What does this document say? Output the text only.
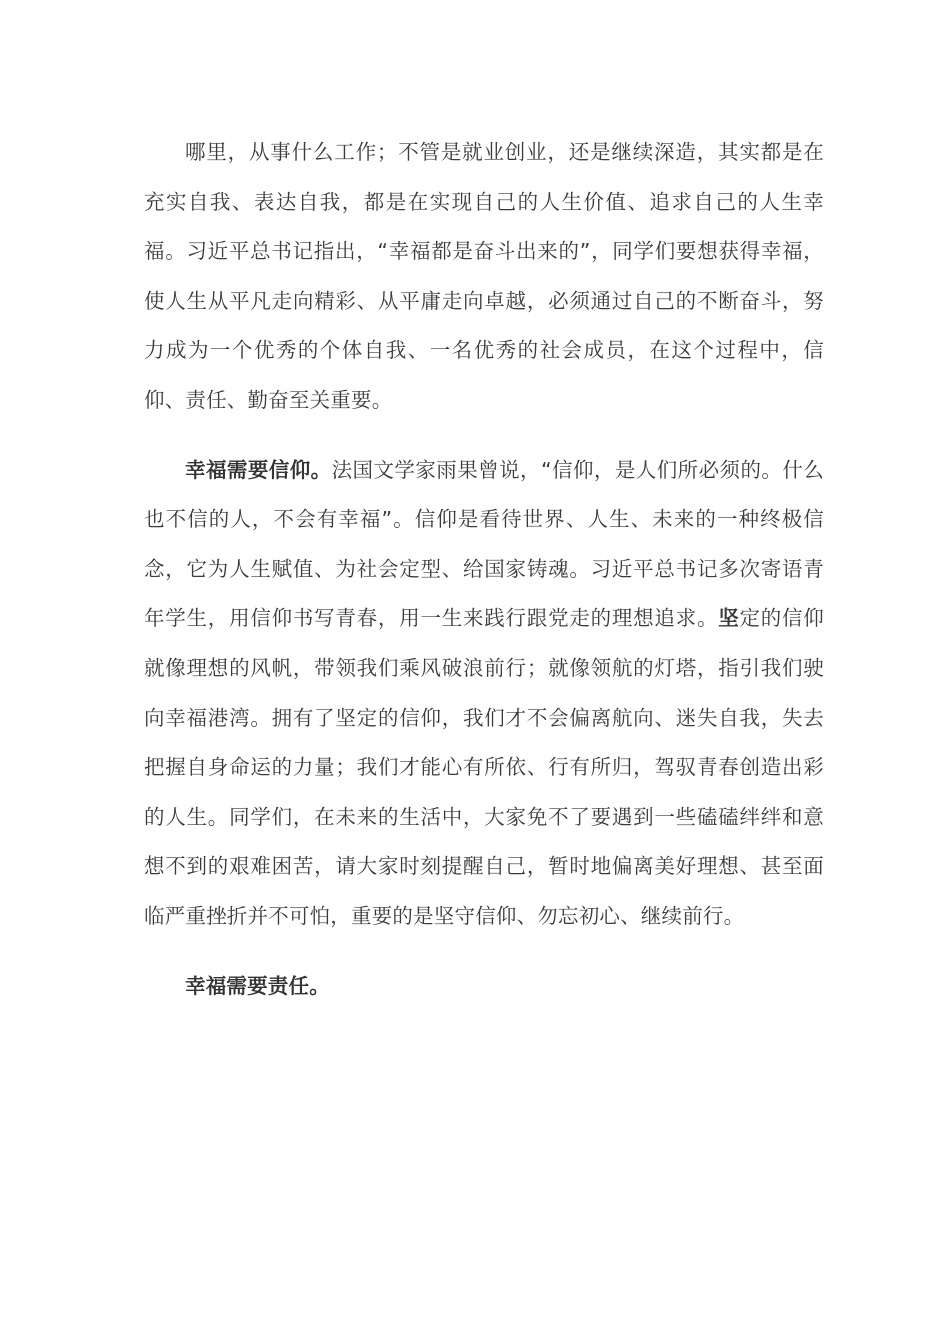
哪里，从事什么工作；不管是就业创业，还是继续深造，其实都是在充实自我、表达自我，都是在实现自己的人生价值、追求自己的人生幸福。习近平总书记指出，“幸福都是奋斗出来的”，同学们要想获得幸福， 使人生从平凡走向精彩、从平庸走向卓越，必须通过自己的不断奋斗，努力成为一个优秀的个体自我、一名优秀的社会成员，在这个过程中，信仰、责任、勤奋至关重要。

幸福需要信仰。法国文学家雨果曾说，“信仰，是人们所必须的。什么也不信的人，不会有幸福”。信仰是看待世界、人生、未来的一种终极信念，它为人生赋值、为社会定型、给国家铸魂。习近平总书记多次寄语青年学生，用信仰书写青春，用一生来践行跟党走的理想追求。坚定的信仰就像理想的风帆，带领我们乘风破浪前行；就像领航的灯塔，指引我们驶向幸福港湾。拥有了坚定的信仰，我们才不会偏离航向、迷失自我，失去把握自身命运的力量；我们才能心有所依、行有所归，驾驭青春创造出彩的人生。同学们，在未来的生活中，大家免不了要遇到一些磕磕绊绊和意想不到的艰难困苦，请大家时刻提醒自己，暂时地偏离美好理想、甚至面临严重挫折并不可怕，重要的是坚守信仰、勿忘初心、继续前行。

幸福需要责任。
